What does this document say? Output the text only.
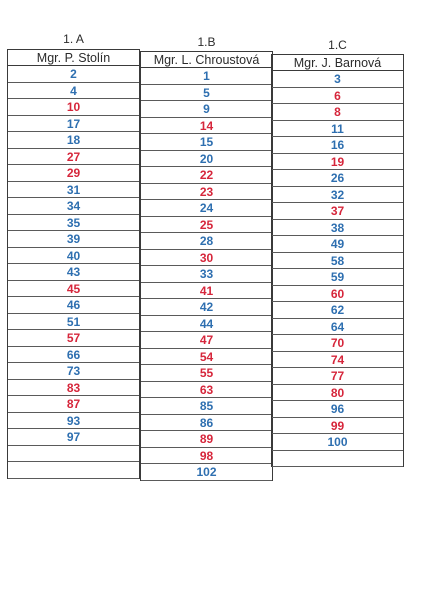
1. A
Mgr. P. Stolín
2
4
10
17
18
27
29
31
34
35
39
40
43
45
46
51
57
66
73
83
87
93
97
1.B
Mgr. L. Chroustová
1
5
9
14
15
20
22
23
24
25
28
30
33
41
42
44
47
54
55
63
85
86
89
98
102
1.C
Mgr. J. Barnová
3
6
8
11
16
19
26
32
37
38
49
58
59
60
62
64
70
74
77
80
96
99
100
